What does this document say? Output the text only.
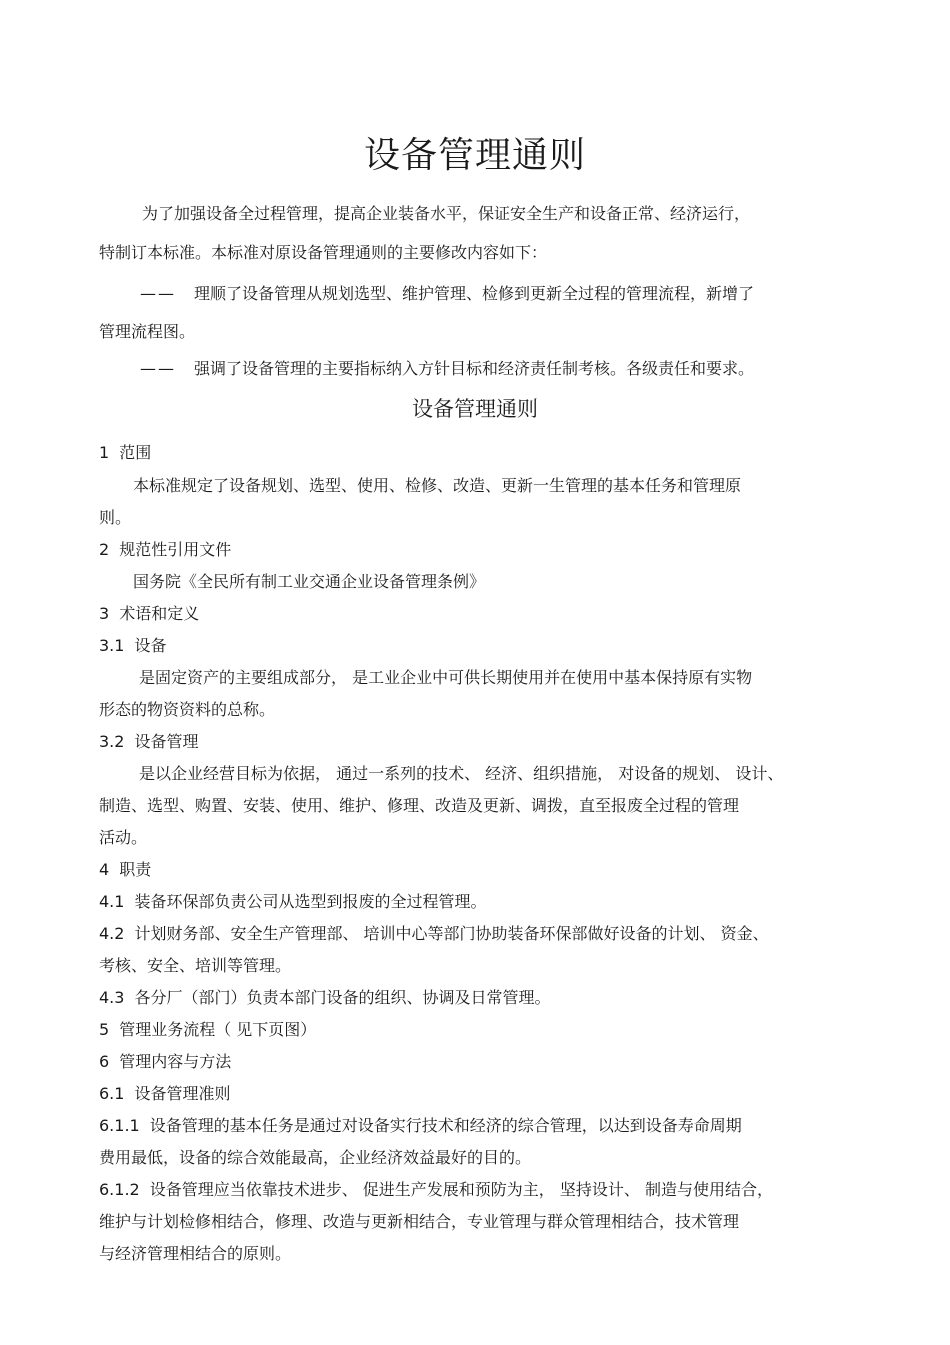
设备管理通则
为了加强设备全过程管理，提高企业装备水平，保证安全生产和设备正常、经济运行，
特制订本标准。本标准对原设备管理通则的主要修改内容如下：
—— 理顺了设备管理从规划选型、维护管理、检修到更新全过程的管理流程，新增了
管理流程图。
—— 强调了设备管理的主要指标纳入方针目标和经济责任制考核。各级责任和要求。
设备管理通则
1 范围
本标准规定了设备规划、选型、使用、检修、改造、更新一生管理的基本任务和管理原
则。
2 规范性引用文件
国务院《全民所有制工业交通企业设备管理条例》
3 术语和定义
3.1 设备
是固定资产的主要组成部分， 是工业企业中可供长期使用并在使用中基本保持原有实物
形态的物资资料的总称。
3.2 设备管理
是以企业经营目标为依据， 通过一系列的技术、 经济、组织措施， 对设备的规划、 设计、
制造、选型、购置、安装、使用、维护、修理、改造及更新、调拨，直至报废全过程的管理
活动。
4 职责
4.1 装备环保部负责公司从选型到报废的全过程管理。
4.2 计划财务部、安全生产管理部、 培训中心等部门协助装备环保部做好设备的计划、 资金、
考核、安全、培训等管理。
4.3 各分厂（部门）负责本部门设备的组织、协调及日常管理。
5 管理业务流程（ 见下页图）
6 管理内容与方法
6.1 设备管理准则
6.1.1 设备管理的基本任务是通过对设备实行技术和经济的综合管理，以达到设备寿命周期
费用最低，设备的综合效能最高，企业经济效益最好的目的。
6.1.2 设备管理应当依靠技术进步、 促进生产发展和预防为主， 坚持设计、 制造与使用结合，
维护与计划检修相结合，修理、改造与更新相结合，专业管理与群众管理相结合，技术管理
与经济管理相结合的原则。
